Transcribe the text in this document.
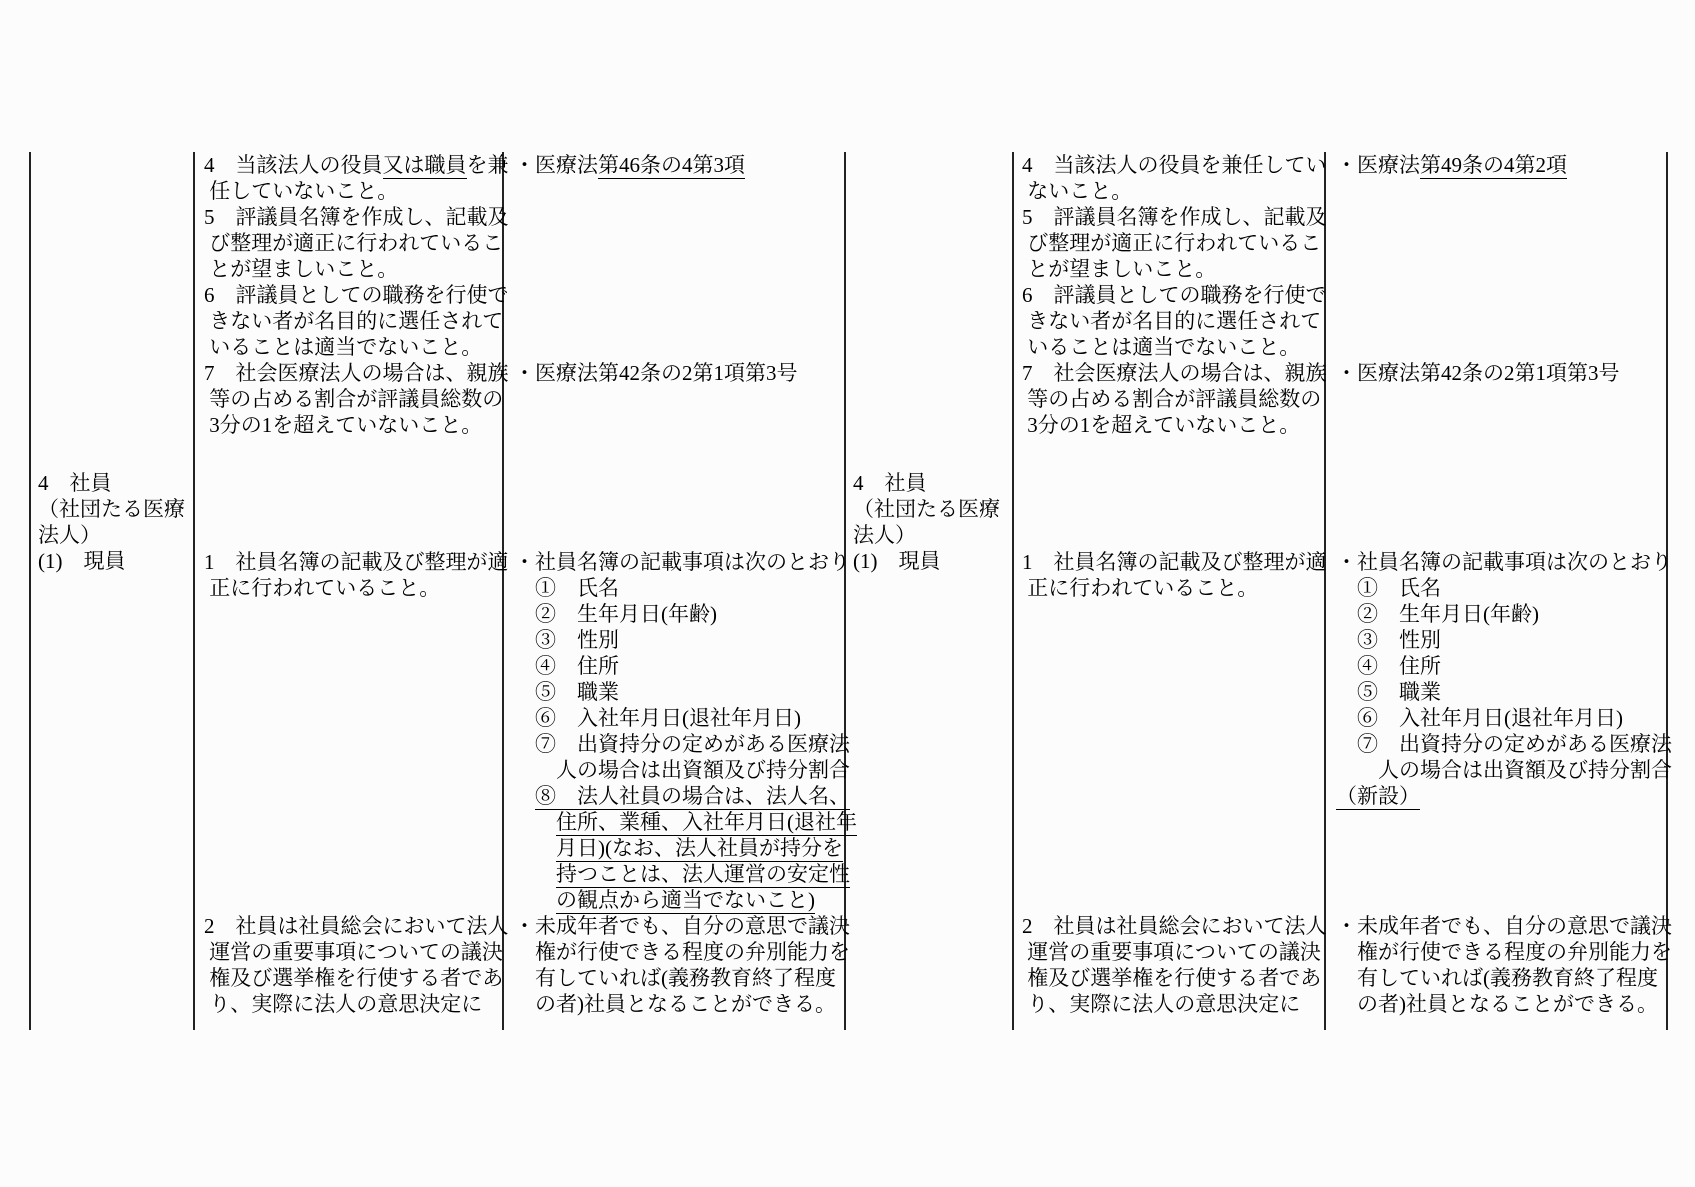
4　社員
（社団たる医療
法人）
(1)　現員
4　当該法人の役員又は職員を兼
任していないこと。
5　評議員名簿を作成し、記載及
び整理が適正に行われているこ
とが望ましいこと。
6　評議員としての職務を行使で
きない者が名目的に選任されて
いることは適当でないこと。
7　社会医療法人の場合は、親族
等の占める割合が評議員総数の
3分の1を超えていないこと。
・医療法第46条の4第3項
・医療法第42条の2第1項第3号
1　社員名簿の記載及び整理が適
正に行われていること。
・社員名簿の記載事項は次のとおり
　①　氏名
　②　生年月日(年齢)
　③　性別
　④　住所
　⑤　職業
　⑥　入社年月日(退社年月日)
　⑦　出資持分の定めがある医療法
　　人の場合は出資額及び持分割合
　⑧　法人社員の場合は、法人名、
　　住所、業種、入社年月日(退社年
　　月日)(なお、法人社員が持分を
　　持つことは、法人運営の安定性
　　の観点から適当でないこと)
2　社員は社員総会において法人
運営の重要事項についての議決
権及び選挙権を行使する者であ
り、実際に法人の意思決定に
・未成年者でも、自分の意思で議決
　権が行使できる程度の弁別能力を
　有していれば(義務教育終了程度
　の者)社員となることができる。
4　社員
（社団たる医療
法人）
(1)　現員
4　当該法人の役員を兼任してい
ないこと。
5　評議員名簿を作成し、記載及
び整理が適正に行われているこ
とが望ましいこと。
6　評議員としての職務を行使で
きない者が名目的に選任されて
いることは適当でないこと。
7　社会医療法人の場合は、親族
等の占める割合が評議員総数の
3分の1を超えていないこと。
・医療法第49条の4第2項
・医療法第42条の2第1項第3号
1　社員名簿の記載及び整理が適
正に行われていること。
・社員名簿の記載事項は次のとおり
　①　氏名
　②　生年月日(年齢)
　③　性別
　④　住所
　⑤　職業
　⑥　入社年月日(退社年月日)
　⑦　出資持分の定めがある医療法
　　人の場合は出資額及び持分割合
（新設）
2　社員は社員総会において法人
運営の重要事項についての議決
権及び選挙権を行使する者であ
り、実際に法人の意思決定に
・未成年者でも、自分の意思で議決
　権が行使できる程度の弁別能力を
　有していれば(義務教育終了程度
　の者)社員となることができる。
